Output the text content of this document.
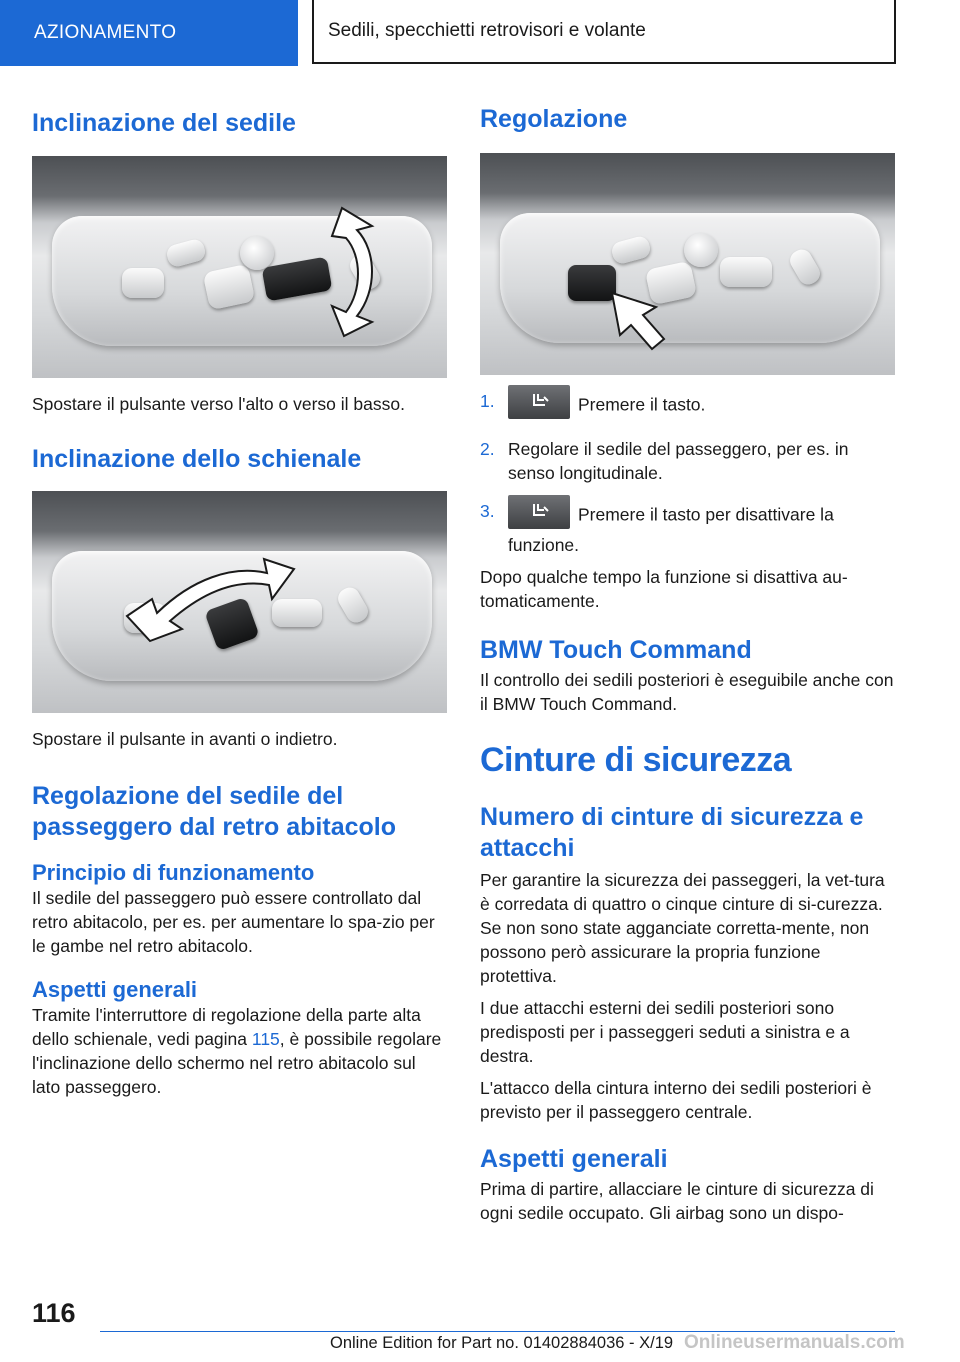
AZIONAMENTO	Sedili, specchietti retrovisori e volante
Inclinazione del sedile

Spostare il pulsante verso l'alto o verso il basso.

Inclinazione dello schienale

Spostare il pulsante in avanti o indietro.

Regolazione del sedile del passeggero dal retro abitacolo
Principio di funzionamento

Il sedile del passeggero può essere controllato dal retro abitacolo, per es. per aumentare lo spa-zio per le gambe nel retro abitacolo.

Aspetti generali

Tramite l'interruttore di regolazione della parte alta dello schienale, vedi pagina 115, è possibile regolare l'inclinazione dello schermo nel retro abitacolo sul lato passeggero.

Regolazione
1.	Premere il tasto.
2. Regolare il sedile del passeggero, per es. in senso longitudinale.
3.	Premere il tasto per disattivare la funzione.

Dopo qualche tempo la funzione si disattiva au-tomaticamente.

BMW Touch Command

Il controllo dei sedili posteriori è eseguibile anche con il BMW Touch Command.

Cinture di sicurezza
Numero di cinture di sicurezza e attacchi

Per garantire la sicurezza dei passeggeri, la vet-tura è corredata di quattro o cinque cinture di si-curezza. Se non sono state agganciate corretta-mente, non possono però assicurare la propria funzione protettiva.

I due attacchi esterni dei sedili posteriori sono predisposti per i passeggeri seduti a sinistra e a destra.

L'attacco della cintura interno dei sedili posteriori è previsto per il passeggero centrale.

Aspetti generali

Prima di partire, allacciare le cinture di sicurezza di ogni sedile occupato. Gli airbag sono un dispo-

116
Online Edition for Part no. 01402884036 - X/19 Onlineusermanuals.com
